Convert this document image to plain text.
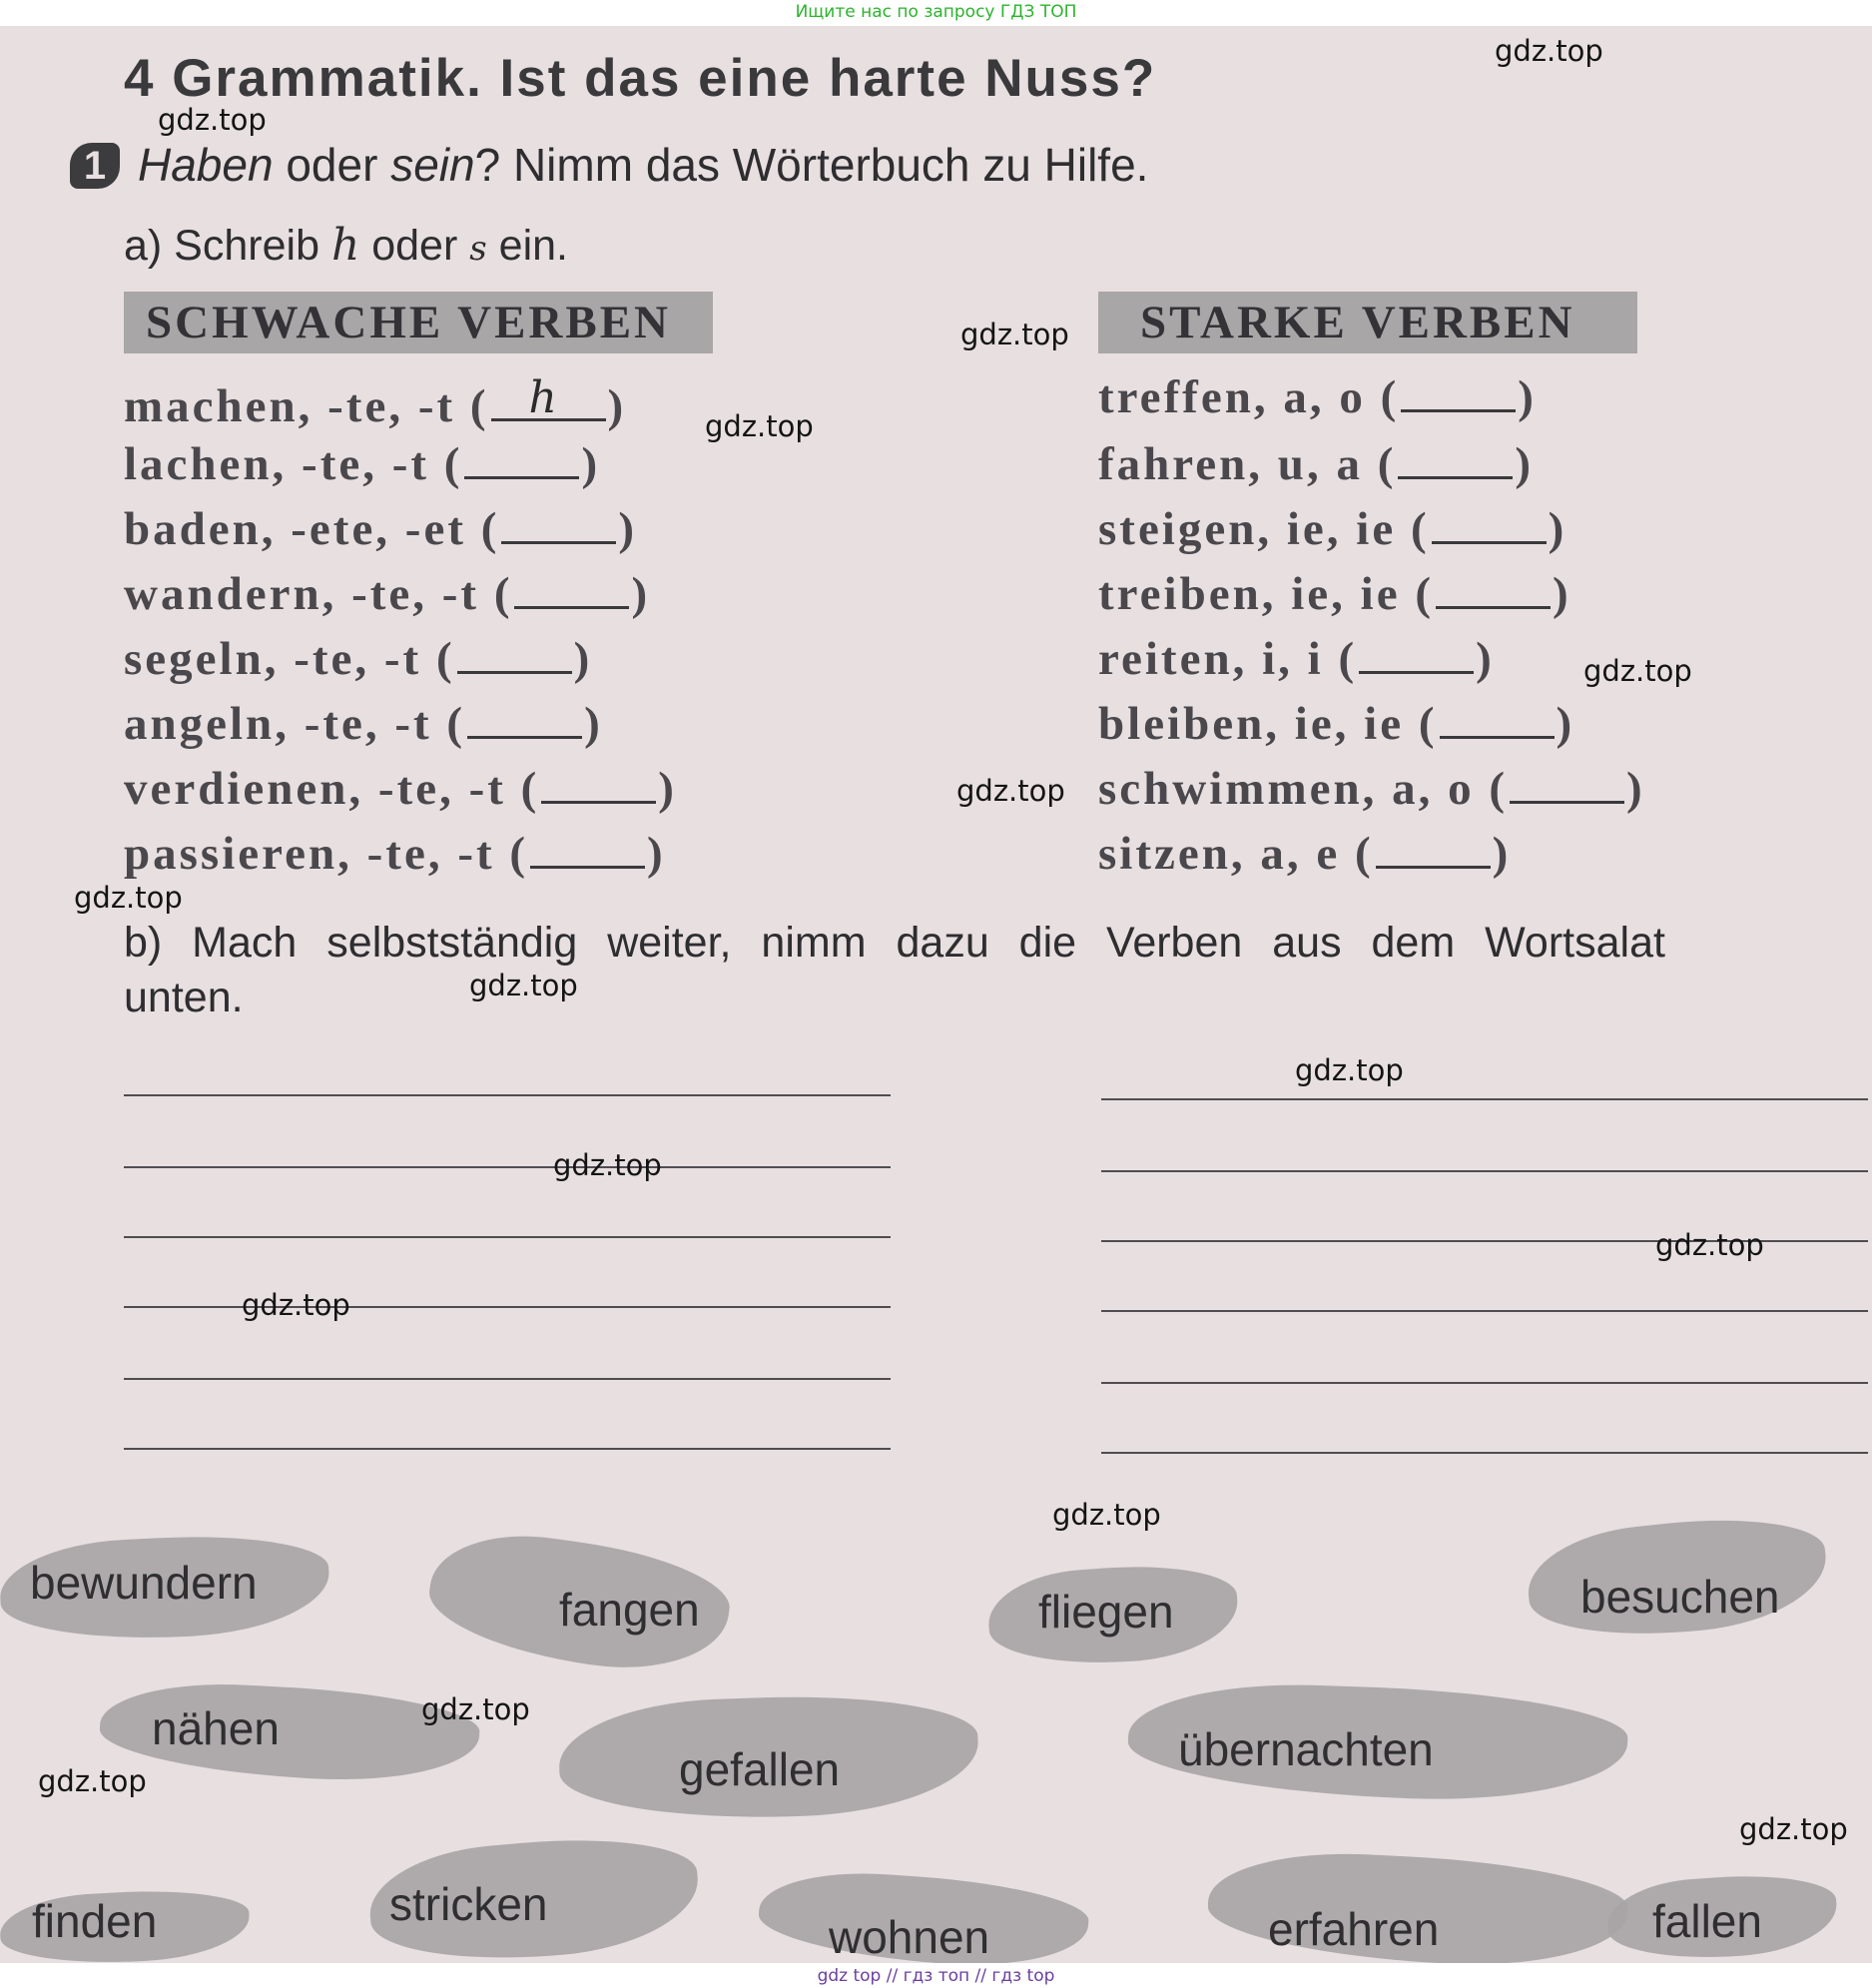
Ищите нас по запросу ГДЗ ТОП
4 Grammatik. Ist das eine harte Nuss?
1 Haben oder sein? Nimm das Wörterbuch zu Hilfe.
a) Schreib h oder s ein.
SCHWACHE VERBEN	STARKE VERBEN
machen, -te, -t ( h )
lachen, -te, -t (	)
baden, -ete, -et (	)
wandern, -te, -t (	)
segeln, -te, -t (	)
angeln, -te, -t (	)
verdienen, -te, -t (	)
passieren, -te, -t (	)
treffen, a, o (	)
fahren, u, a (	)
steigen, ie, ie (	)
treiben, ie, ie (	)
reiten, i, i (	)
bleiben, ie, ie (	)
schwimmen, a, o (	)
sitzen, a, e (	)
b) Mach selbstständig weiter, nimm dazu die Verben aus dem Wortsalat
unten.
bewundern
fangen	fliegen	besuchen
nähen
gefallen	übernachten
finden	stricken
wohnen	erfahren	fallen
gdz.top
gdz.top
gdz.top
gdz.top
gdz.top
gdz.top
gdz.top
gdz.top
gdz.top
gdz.top
gdz.top
gdz.top
gdz.top
gdz.top
gdz.top
gdz.top
gdz top // гдз топ // гдз top
